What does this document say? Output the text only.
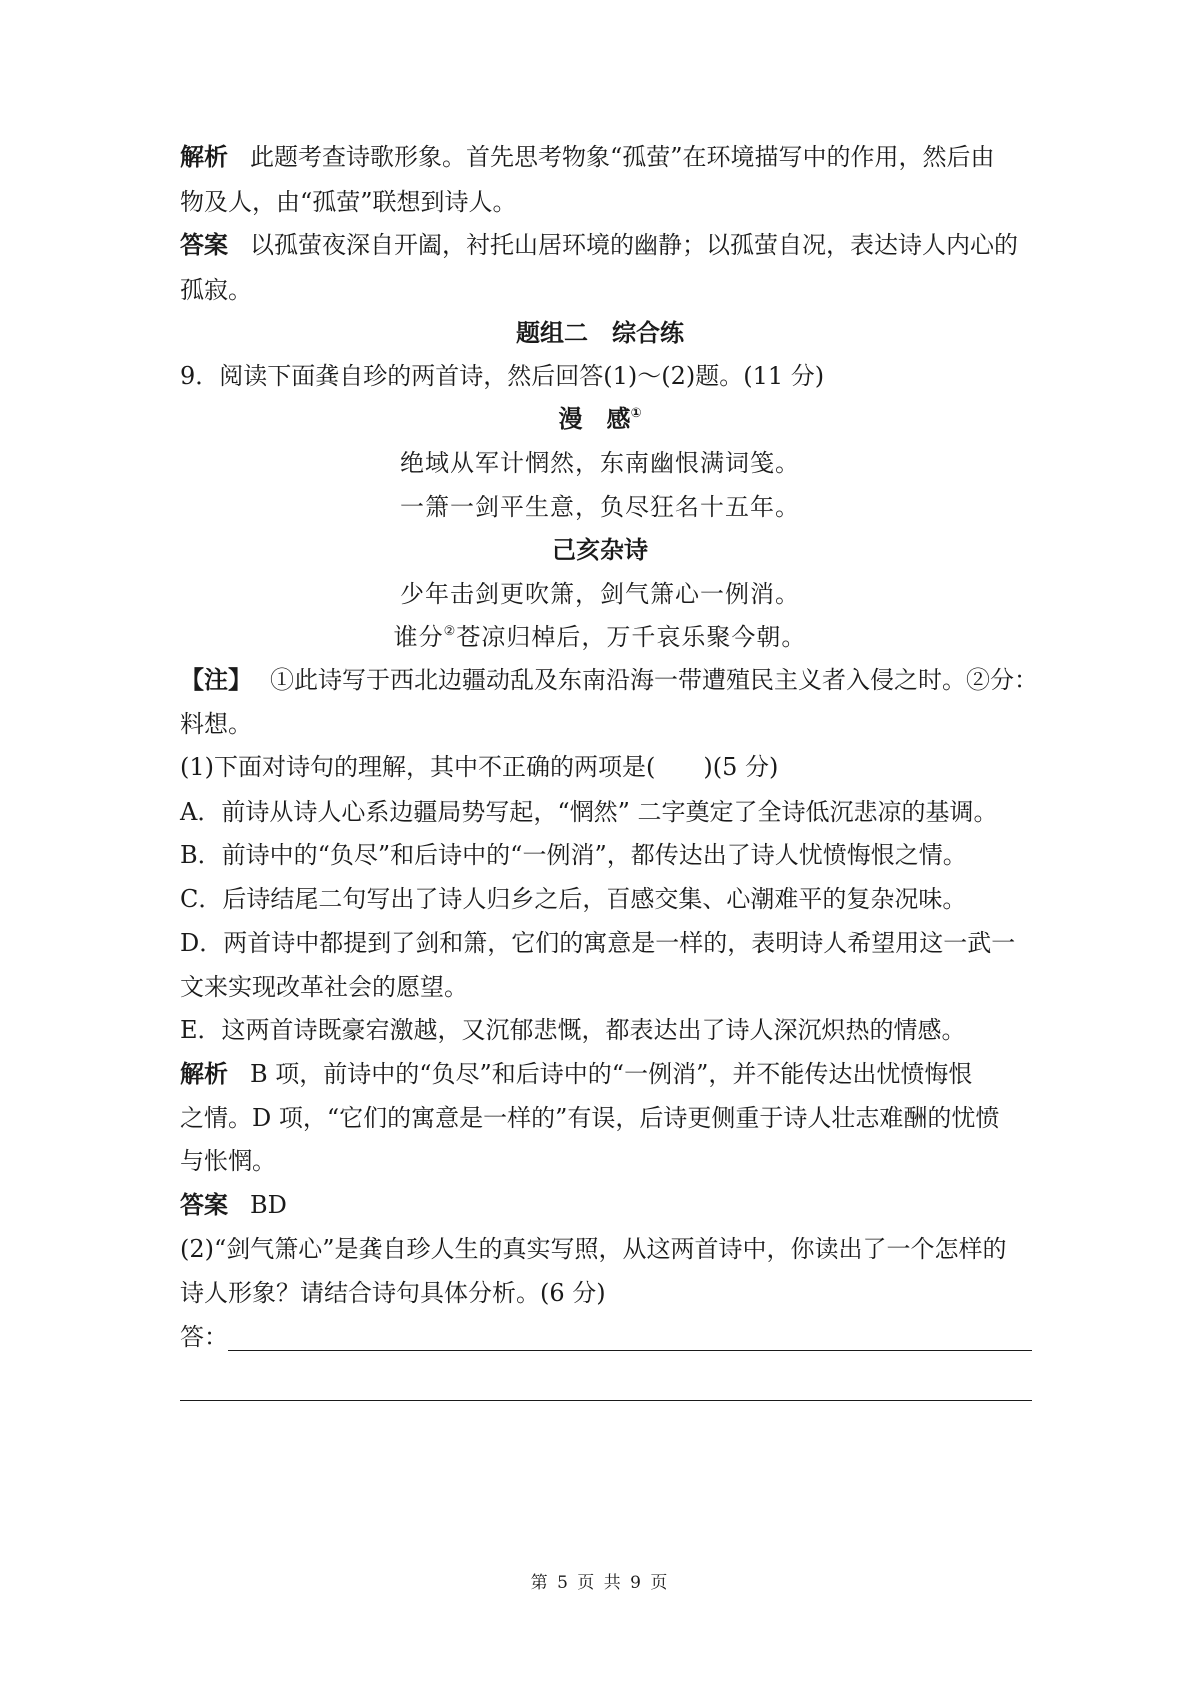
解析 此题考查诗歌形象。首先思考物象“孤萤”在环境描写中的作用，然后由
物及人，由“孤萤”联想到诗人。
答案 以孤萤夜深自开阖，衬托山居环境的幽静；以孤萤自况，表达诗人内心的
孤寂。
题组二　综合练
9．阅读下面龚自珍的两首诗，然后回答(1)～(2)题。(11 分)
漫　感①
绝域从军计惘然，东南幽恨满词笺。
一箫一剑平生意，负尽狂名十五年。
己亥杂诗
少年击剑更吹箫，剑气箫心一例消。
谁分②苍凉归棹后，万千哀乐聚今朝。
【注】 ①此诗写于西北边疆动乱及东南沿海一带遭殖民主义者入侵之时。②分：
料想。
(1)下面对诗句的理解，其中不正确的两项是(　　)(5 分)
A．前诗从诗人心系边疆局势写起，“惘然” 二字奠定了全诗低沉悲凉的基调。
B．前诗中的“负尽”和后诗中的“一例消”，都传达出了诗人忧愤悔恨之情。
C．后诗结尾二句写出了诗人归乡之后，百感交集、心潮难平的复杂况味。
D．两首诗中都提到了剑和箫，它们的寓意是一样的，表明诗人希望用这一武一
文来实现改革社会的愿望。
E．这两首诗既豪宕激越，又沉郁悲慨，都表达出了诗人深沉炽热的情感。
解析 B 项，前诗中的“负尽”和后诗中的“一例消”，并不能传达出忧愤悔恨
之情。D 项，“它们的寓意是一样的”有误，后诗更侧重于诗人壮志难酬的忧愤
与怅惘。
答案 BD
(2)“剑气箫心”是龚自珍人生的真实写照，从这两首诗中，你读出了一个怎样的
诗人形象？请结合诗句具体分析。(6 分)
答：
第 5 页 共 9 页
